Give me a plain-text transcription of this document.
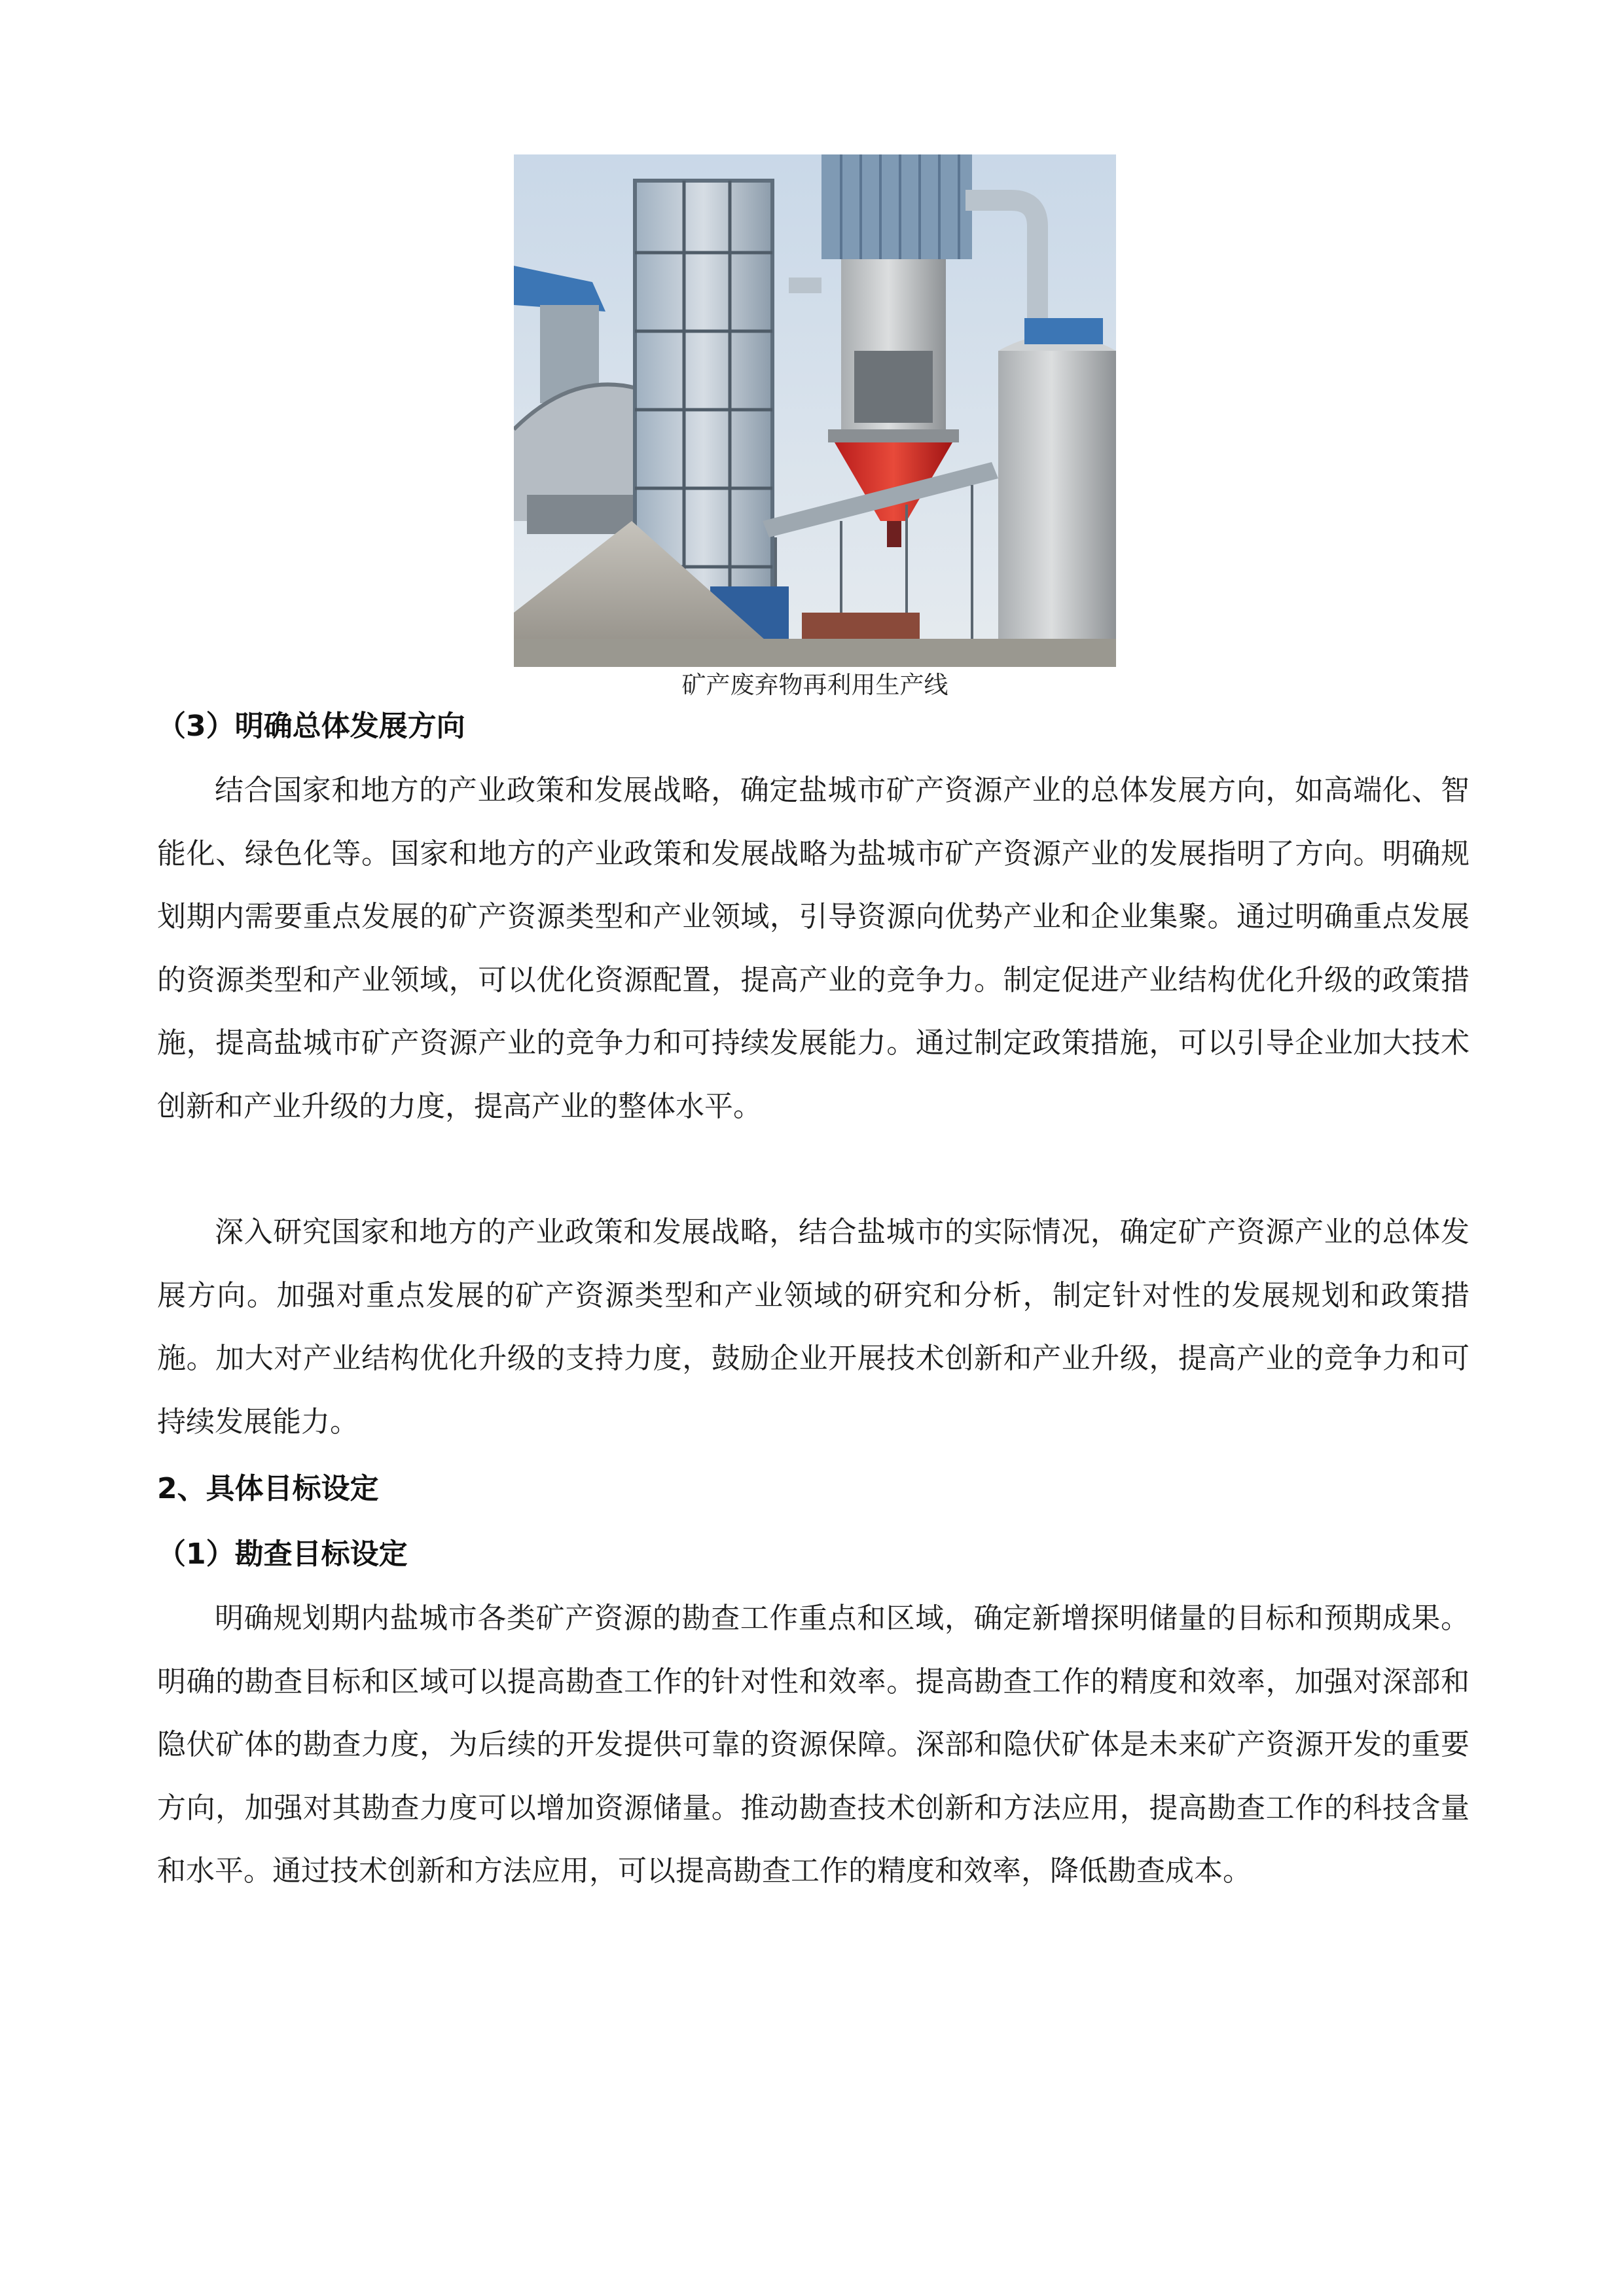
矿产废弃物再利用生产线
（3）明确总体发展方向
结合国家和地方的产业政策和发展战略，确定盐城市矿产资源产业的总体发展方向，如高端化、智能化、绿色化等。国家和地方的产业政策和发展战略为盐城市矿产资源产业的发展指明了方向。明确规划期内需要重点发展的矿产资源类型和产业领域，引导资源向优势产业和企业集聚。通过明确重点发展的资源类型和产业领域，可以优化资源配置，提高产业的竞争力。制定促进产业结构优化升级的政策措施，提高盐城市矿产资源产业的竞争力和可持续发展能力。通过制定政策措施，可以引导企业加大技术创新和产业升级的力度，提高产业的整体水平。
深入研究国家和地方的产业政策和发展战略，结合盐城市的实际情况，确定矿产资源产业的总体发展方向。加强对重点发展的矿产资源类型和产业领域的研究和分析，制定针对性的发展规划和政策措施。加大对产业结构优化升级的支持力度，鼓励企业开展技术创新和产业升级，提高产业的竞争力和可持续发展能力。
2、具体目标设定
（1）勘查目标设定
明确规划期内盐城市各类矿产资源的勘查工作重点和区域，确定新增探明储量的目标和预期成果。明确的勘查目标和区域可以提高勘查工作的针对性和效率。提高勘查工作的精度和效率，加强对深部和隐伏矿体的勘查力度，为后续的开发提供可靠的资源保障。深部和隐伏矿体是未来矿产资源开发的重要方向，加强对其勘查力度可以增加资源储量。推动勘查技术创新和方法应用，提高勘查工作的科技含量和水平。通过技术创新和方法应用，可以提高勘查工作的精度和效率，降低勘查成本。
